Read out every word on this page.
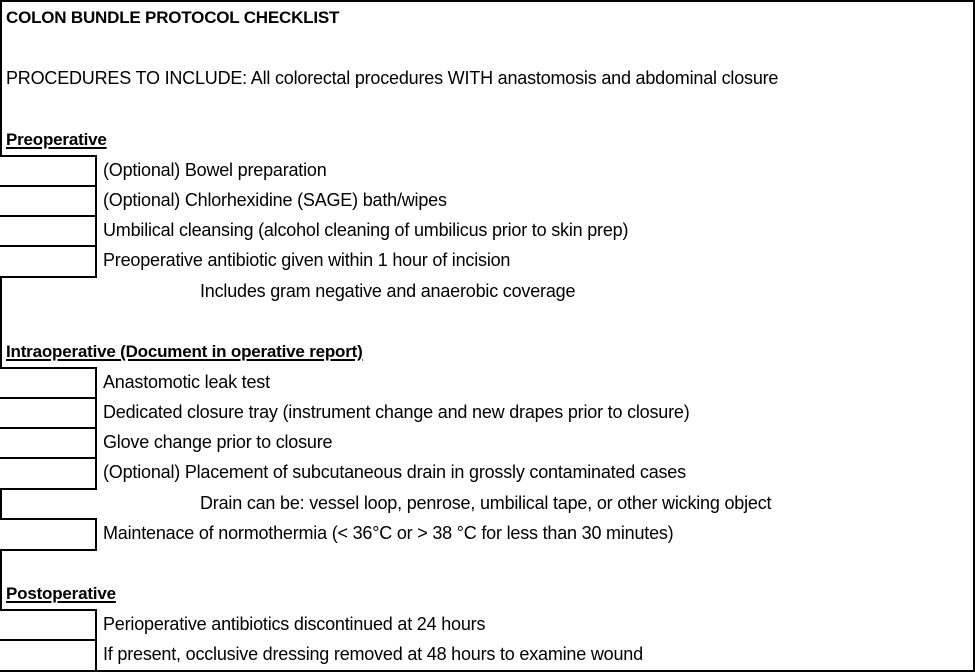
COLON BUNDLE PROTOCOL CHECKLIST
PROCEDURES TO INCLUDE: All colorectal procedures WITH anastomosis and abdominal closure
Preoperative
(Optional) Bowel preparation
(Optional) Chlorhexidine (SAGE) bath/wipes
Umbilical cleansing (alcohol cleaning of umbilicus prior to skin prep)
Preoperative antibiotic given within 1 hour of incision
Includes gram negative and anaerobic coverage
Intraoperative (Document in operative report)
Anastomotic leak test
Dedicated closure tray (instrument change and new drapes prior to closure)
Glove change prior to closure
(Optional) Placement of subcutaneous drain in grossly contaminated cases
Drain can be: vessel loop, penrose, umbilical tape, or other wicking object
Maintenace of normothermia (< 36°C or > 38 °C for less than 30 minutes)
Postoperative
Perioperative antibiotics discontinued at 24 hours
If present, occlusive dressing removed at 48 hours to examine wound
